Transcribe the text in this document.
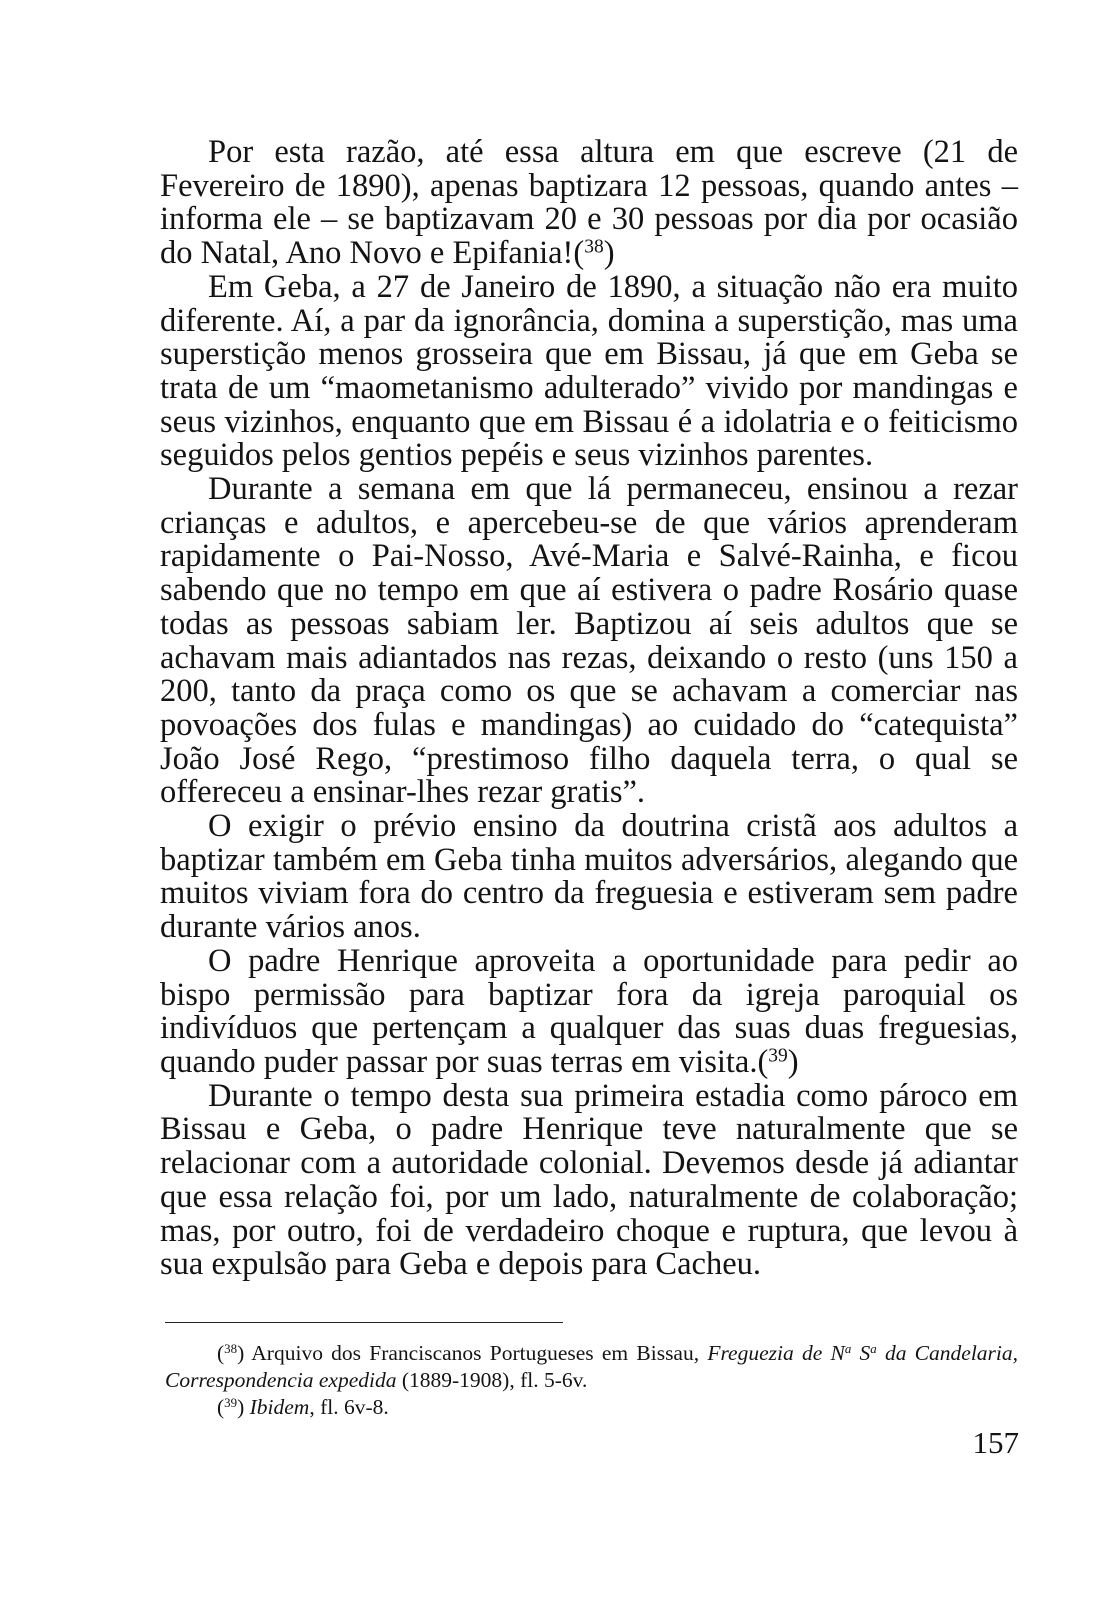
Por esta razão, até essa altura em que escreve (21 de Fevereiro de 1890), apenas baptizara 12 pessoas, quando antes – informa ele – se baptizavam 20 e 30 pessoas por dia por ocasião do Natal, Ano Novo e Epifania!($^{38}$)

Em Geba, a 27 de Janeiro de 1890, a situação não era muito diferente. Aí, a par da ignorância, domina a superstição, mas uma superstição menos grosseira que em Bissau, já que em Geba se trata de um “maometanismo adulterado” vivido por mandingas e seus vizinhos, enquanto que em Bissau é a idolatria e o feiticismo seguidos pelos gentios pepéis e seus vizinhos parentes.

Durante a semana em que lá permaneceu, ensinou a rezar crianças e adultos, e apercebeu-se de que vários aprenderam rapidamente o Pai-Nosso, Avé-Maria e Salvé-Rainha, e ficou sabendo que no tempo em que aí estivera o padre Rosário quase todas as pessoas sabiam ler. Baptizou aí seis adultos que se achavam mais adiantados nas rezas, deixando o resto (uns 150 a 200, tanto da praça como os que se achavam a comerciar nas povoações dos fulas e mandingas) ao cuidado do “catequista” João José Rego, “prestimoso filho daquela terra, o qual se offereceu a ensinar-lhes rezar gratis”.

O exigir o prévio ensino da doutrina cristã aos adultos a baptizar também em Geba tinha muitos adversários, alegando que muitos viviam fora do centro da freguesia e estiveram sem padre durante vários anos.

O padre Henrique aproveita a oportunidade para pedir ao bispo permissão para baptizar fora da igreja paroquial os indivíduos que pertençam a qualquer das suas duas freguesias, quando puder passar por suas terras em visita.($^{39}$)

Durante o tempo desta sua primeira estadia como pároco em Bissau e Geba, o padre Henrique teve naturalmente que se relacionar com a autoridade colonial. Devemos desde já adiantar que essa relação foi, por um lado, naturalmente de colaboração; mas, por outro, foi de verdadeiro choque e ruptura, que levou à sua expulsão para Geba e depois para Cacheu.

($^{38}$) Arquivo dos Franciscanos Portugueses em Bissau, Freguezia de $N^a$ $S^a$ da Candelaria, Correspondencia expedida (1889-1908), fl. 5-6v.

($^{39}$) Ibidem, fl. 6v-8.

157
